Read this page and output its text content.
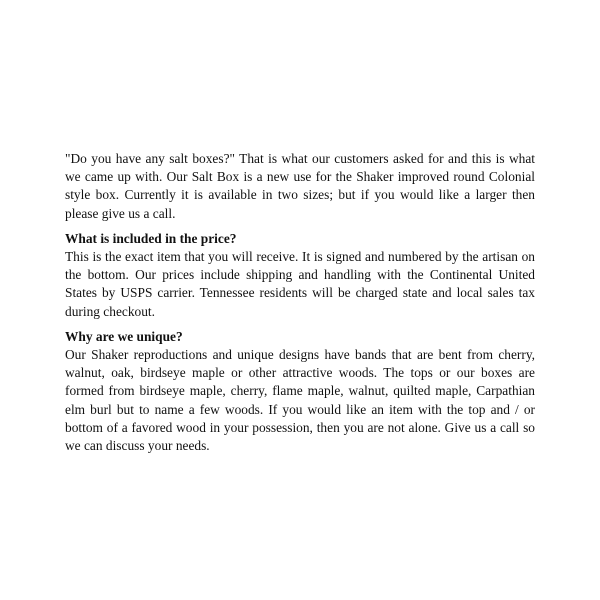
"Do you have any salt boxes?" That is what our customers asked for and this is what we came up with. Our Salt Box is a new use for the Shaker improved round Colonial style box. Currently it is available in two sizes; but if you would like a larger then please give us a call.

What is included in the price?

This is the exact item that you will receive. It is signed and numbered by the artisan on the bottom. Our prices include shipping and handling with the Continental United States by USPS carrier. Tennessee residents will be charged state and local sales tax during checkout.

Why are we unique?

Our Shaker reproductions and unique designs have bands that are bent from cherry, walnut, oak, birdseye maple or other attractive woods. The tops or our boxes are formed from birdseye maple, cherry, flame maple, walnut, quilted maple, Carpathian elm burl but to name a few woods. If you would like an item with the top and / or bottom of a favored wood in your possession, then you are not alone. Give us a call so we can discuss your needs.
